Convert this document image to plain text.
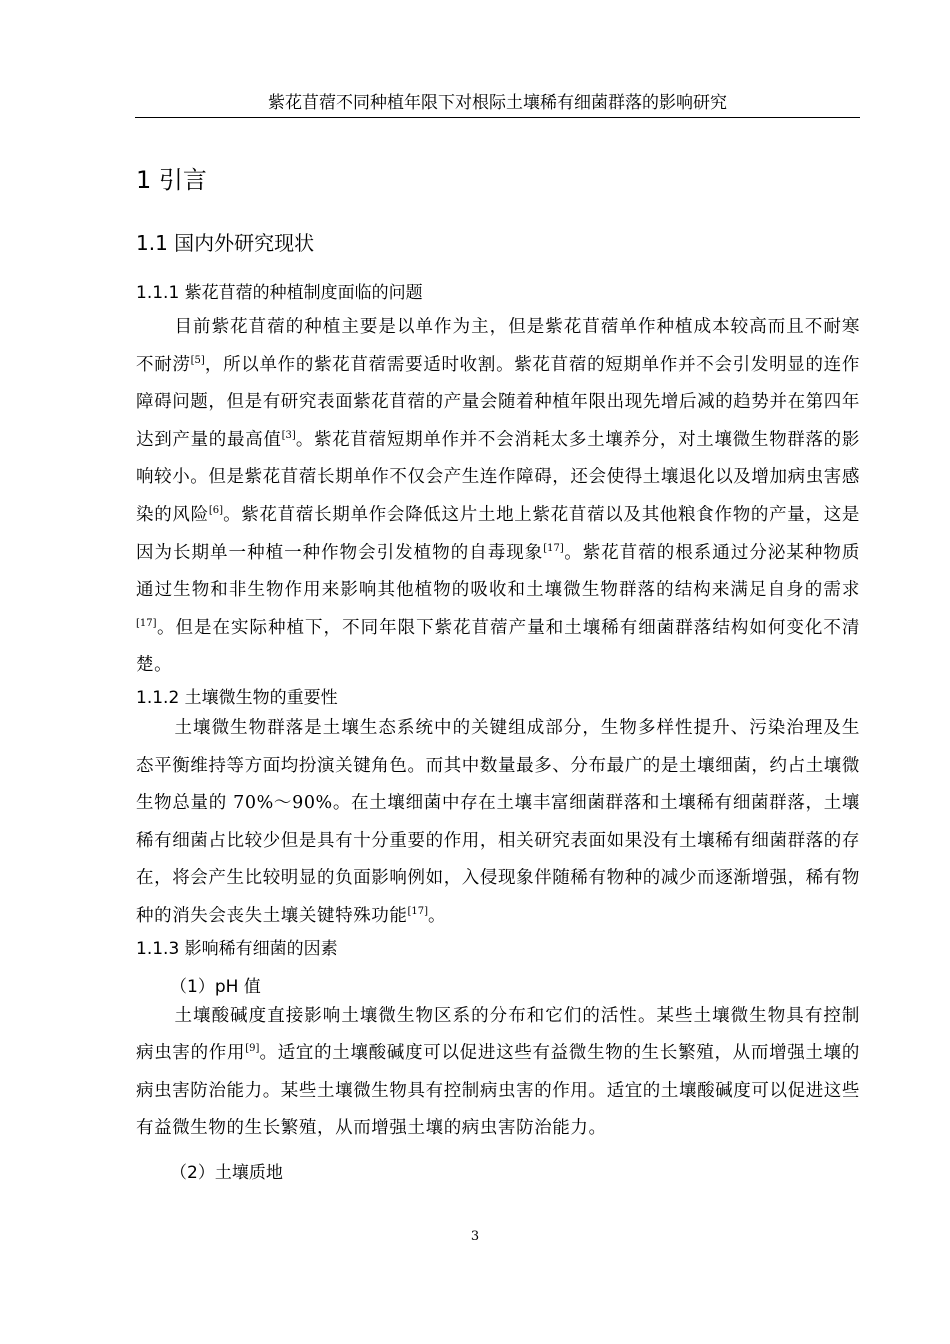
紫花苜蓿不同种植年限下对根际土壤稀有细菌群落的影响研究
1 引言
1.1 国内外研究现状
1.1.1 紫花苜蓿的种植制度面临的问题

目前紫花苜蓿的种植主要是以单作为主，但是紫花苜蓿单作种植成本较高而且不耐寒不耐涝[5]，所以单作的紫花苜蓿需要适时收割。紫花苜蓿的短期单作并不会引发明显的连作障碍问题，但是有研究表面紫花苜蓿的产量会随着种植年限出现先增后减的趋势并在第四年达到产量的最高值[3]。紫花苜蓿短期单作并不会消耗太多土壤养分，对土壤微生物群落的影响较小。但是紫花苜蓿长期单作不仅会产生连作障碍，还会使得土壤退化以及增加病虫害感染的风险[6]。紫花苜蓿长期单作会降低这片土地上紫花苜蓿以及其他粮食作物的产量，这是因为长期单一种植一种作物会引发植物的自毒现象[17]。紫花苜蓿的根系通过分泌某种物质通过生物和非生物作用来影响其他植物的吸收和土壤微生物群落的结构来满足自身的需求[17]。但是在实际种植下，不同年限下紫花苜蓿产量和土壤稀有细菌群落结构如何变化不清楚。

1.1.2 土壤微生物的重要性

土壤微生物群落是土壤生态系统中的关键组成部分，生物多样性提升、污染治理及生态平衡维持等方面均扮演关键角色。而其中数量最多、分布最广的是土壤细菌，约占土壤微生物总量的 70%～90%。在土壤细菌中存在土壤丰富细菌群落和土壤稀有细菌群落，土壤稀有细菌占比较少但是具有十分重要的作用，相关研究表面如果没有土壤稀有细菌群落的存在，将会产生比较明显的负面影响例如，入侵现象伴随稀有物种的减少而逐渐增强，稀有物种的消失会丧失土壤关键特殊功能[17]。

1.1.3 影响稀有细菌的因素
（1）pH 值

土壤酸碱度直接影响土壤微生物区系的分布和它们的活性。某些土壤微生物具有控制病虫害的作用[9]。适宜的土壤酸碱度可以促进这些有益微生物的生长繁殖，从而增强土壤的病虫害防治能力。某些土壤微生物具有控制病虫害的作用。适宜的土壤酸碱度可以促进这些有益微生物的生长繁殖，从而增强土壤的病虫害防治能力。

（2）土壤质地
3
